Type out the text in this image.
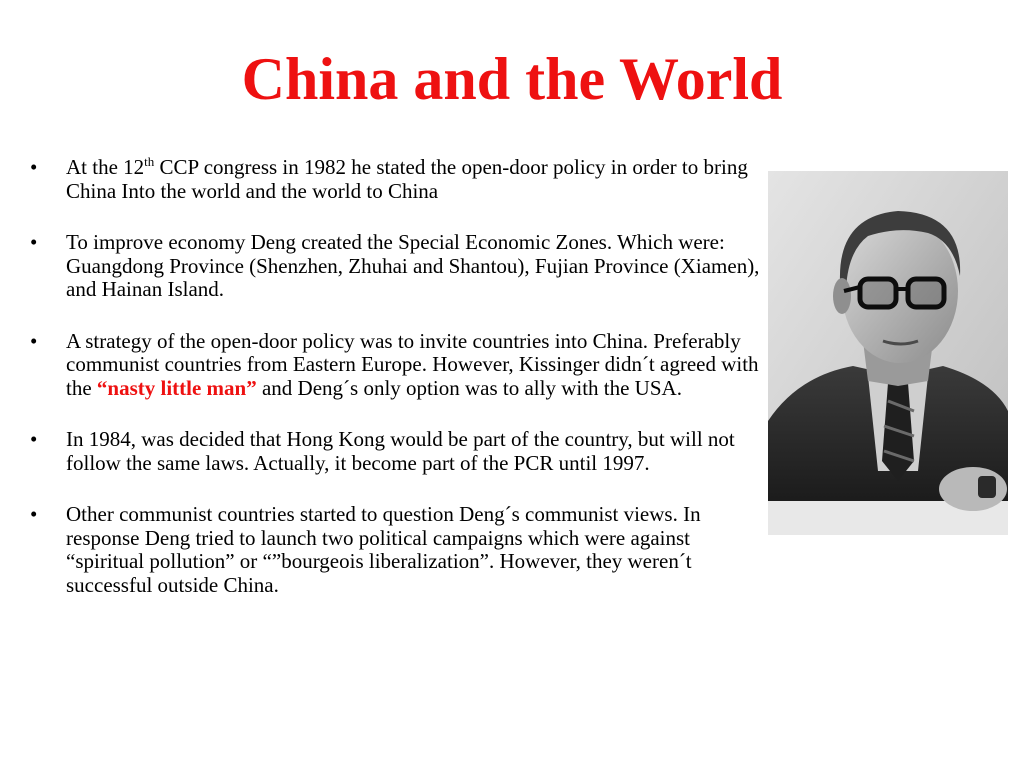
China and the World
•	At the 12th CCP congress in 1982 he stated the open-door policy in order to bring China Into the world and the world to China
•	To improve economy Deng created the Special Economic Zones. Which were: Guangdong Province (Shenzhen, Zhuhai and Shantou), Fujian Province (Xiamen), and Hainan Island.
•	A strategy of the open-door policy was to invite countries into China. Preferably communist countries from Eastern Europe. However, Kissinger didn´t agreed with the “nasty little man” and Deng´s only option was to ally with the USA.
•	In 1984, was decided that Hong Kong would be part of the country, but will not follow the same laws. Actually, it become part of the PCR until 1997.
•	Other communist countries started to question Deng´s communist views. In response Deng tried to launch two political campaigns which were against “spiritual pollution” or “”bourgeois liberalization”. However, they weren´t successful outside China.
